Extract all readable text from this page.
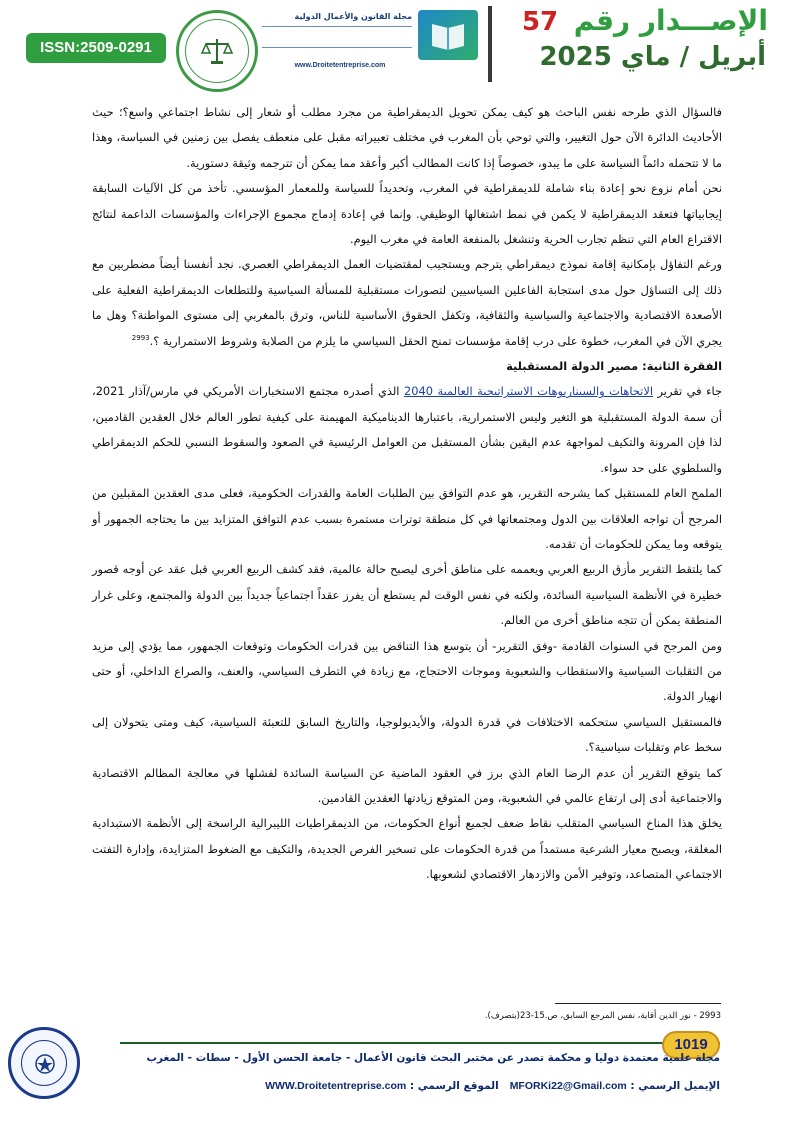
ISSN:2509-0291
مجلة القانون والأعمال الدولية
www.Droitetentreprise.com
الإصـــدار رقم 57
أبريل / ماي 2025

فالسؤال الذي طرحه نفس الباحث هو كيف يمكن تحويل الديمقراطية من مجرد مطلب أو شعار إلى نشاط اجتماعي واسع؟؛ حيث الأحاديث الدائرة الآن حول التغيير، والتي توحي بأن المغرب في مختلف تعبيراته مقبل على منعطف يفصل بين زمنين في السياسة، وهذا ما لا تتحمله دائماً السياسة على ما يبدو، خصوصاً إذا كانت المطالب أكبر وأعقد مما يمكن أن تترجمه وثيقة دستورية.

نحن أمام نزوع نحو إعادة بناء شاملة للديمقراطية في المغرب، وتحديداً للسياسة وللمعمار المؤسسي. تأخذ من كل الآليات السابقة إيجابياتها فتعقد الديمقراطية لا يكمن في نمط اشتغالها الوظيفي. وإنما في إعادة إدماج مجموع الإجراءات والمؤسسات الداعمة لنتائج الاقتراع العام التي تنظم تجارب الحرية وتنشغل بالمنفعة العامة في مغرب اليوم.

ورغم التفاؤل بإمكانية إقامة نموذج ديمقراطي يترجم ويستجيب لمقتضيات العمل الديمقراطي العصري. نجد أنفسنا أيضاً مضطربين مع ذلك إلى التساؤل حول مدى استجابة الفاعلين السياسيين لتصورات مستقبلية للمسألة السياسية وللتطلعات الديمقراطية الفعلية على الأصعدة الاقتصادية والاجتماعية والسياسية والثقافية، وتكفل الحقوق الأساسية للناس، وترق بالمغربي إلى مستوى المواطنة؟ وهل ما يجري الآن في المغرب، خطوة على درب إقامة مؤسسات تمنح الحقل السياسي ما يلزم من الصلابة وشروط الاستمرارية ؟.$^{2993}$

الفقرة الثانية: مصير الدولة المستقبلية

جاء في تقرير الاتجاهات والسيناريوهات الاستراتيجية العالمية 2040 الذي أصدره مجتمع الاستخبارات الأمريكي في مارس/آذار 2021، أن سمة الدولة المستقبلية هو التغير وليس الاستمرارية، باعتبارها الديناميكية المهيمنة على كيفية تطور العالم خلال العقدين القادمين، لذا فإن المرونة والتكيف لمواجهة عدم اليقين بشأن المستقبل من العوامل الرئيسية في الصعود والسقوط النسبي للحكم الديمقراطي والسلطوي على حد سواء.

الملمح العام للمستقبل كما يشرحه التقرير، هو عدم التوافق بين الطلبات العامة والقدرات الحكومية، فعلى مدى العقدين المقبلين من المرجح أن تواجه العلاقات بين الدول ومجتمعاتها في كل منطقة توترات مستمرة بسبب عدم التوافق المتزايد بين ما يحتاجه الجمهور أو يتوقعه وما يمكن للحكومات أن تقدمه.

كما يلتقط التقرير مأزق الربيع العربي ويعممه على مناطق أخرى ليصبح حالة عالمية، فقد كشف الربيع العربي قبل عقد عن أوجه قصور خطيرة في الأنظمة السياسية السائدة، ولكنه في نفس الوقت لم يستطع أن يفرز عقداً اجتماعياً جديداً بين الدولة والمجتمع، وعلى غرار المنطقة يمكن أن تتجه مناطق أخرى من العالم.

ومن المرجح في السنوات القادمة -وفق التقرير- أن يتوسع هذا التناقض بين قدرات الحكومات وتوقعات الجمهور، مما يؤدي إلى مزيد من التقلبات السياسية والاستقطاب والشعبوية وموجات الاحتجاج، مع زيادة في التطرف السياسي، والعنف، والصراع الداخلي، أو حتى انهيار الدولة.

فالمستقبل السياسي ستحكمه الاختلافات في قدرة الدولة، والأيديولوجيا، والتاريخ السابق للتعبئة السياسية، كيف ومتى يتحولان إلى سخط عام وتقلبات سياسية؟.

كما يتوقع التقرير أن عدم الرضا العام الذي برز في العقود الماضية عن السياسة السائدة لفشلها في معالجة المظالم الاقتصادية والاجتماعية أدى إلى ارتفاع عالمي في الشعبوية، ومن المتوقع زيادتها العقدين القادمين.

يخلق هذا المناخ السياسي المتقلب نقاط ضعف لجميع أنواع الحكومات، من الديمقراطيات الليبرالية الراسخة إلى الأنظمة الاستبدادية المغلقة، ويصبح معيار الشرعية مستمداً من قدرة الحكومات على تسخير الفرص الجديدة، والتكيف مع الضغوط المتزايدة، وإدارة التفتت الاجتماعي المتصاعد، وتوفير الأمن والازدهار الاقتصادي لشعوبها.

2993 - نور الدين أقاية، نفس المرجع السابق، ص.15-23(بتصرف).
1019
مجلة علمية معتمدة دوليا و محكمة تصدر عن مختبر البحث قانون الأعمال - جامعة الحسن الأول - سطات - المغرب
الإيميل الرسمي : MFORKi22@Gmail.com   الموقع الرسمي : WWW.Droitetentreprise.com
